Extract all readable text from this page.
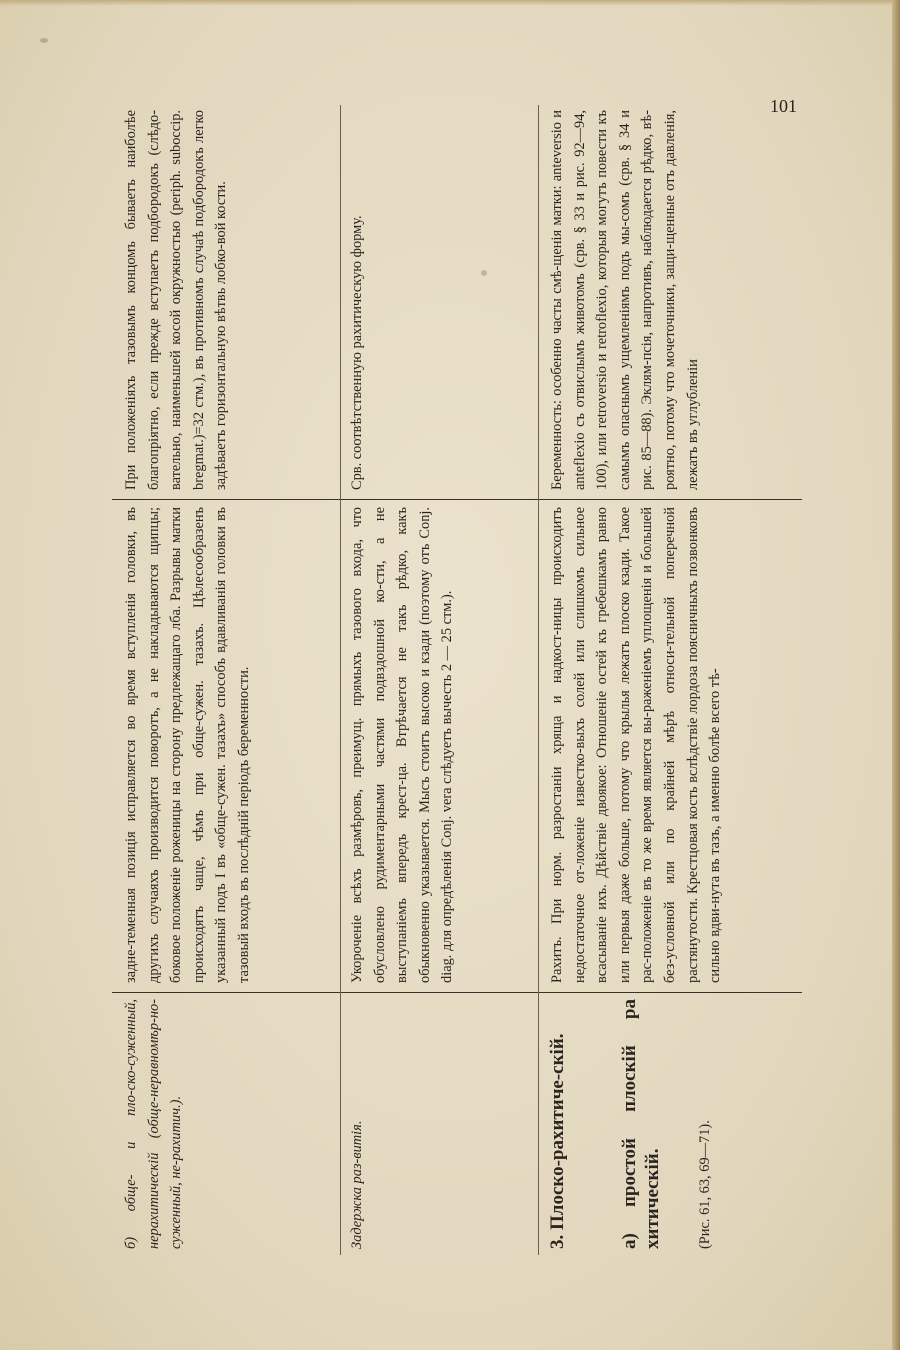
101
б) обще- и пло-ско-суженный, нерахитическій (обще-неравномѣр-но-суженный, не-рахитич.).
задне-теменная позиція исправляется во время вступленія головки, въ другихъ случаяхъ производится поворотъ, а не накладываются щипцы; боковое положеніе роженицы на сторону предлежащаго лба. Разрывы матки происходятъ чаще, чѣмъ при обще-сужен. тазахъ. Цѣлесообразенъ указанный подъ I въ «обще-сужен. тазахъ» способъ вдавливанія головки въ тазовый входъ въ послѣдній періодъ беременности.
При положеніяхъ тазовымъ концомъ бываетъ наиболѣе благопріятно, если прежде вступаетъ подбородокъ (слѣдо-вательно, наименьшей косой окружностью (periph. subocсip. bregmat.)=32 стм.), въ противномъ случаѣ подбородокъ легко задѣваетъ горизонтальную вѣтвь лобко-вой кости.
Задержка раз-витія.
Укороченіе всѣхъ размѣровъ, преимущ. прямыхъ тазового входа, что обусловлено рудиментарными частями подвздошной ко-сти, а не выступаніемъ впередъ крест-ца. Втрѣчается не такъ рѣдко, какъ обыкновенно указывается. Мысъ стоитъ высоко и кзади (поэтому отъ Conj. diag. для опредѣленія Conj. vera слѣдуетъ вычесть 2 — 25 стм.).
Срв. соотвѣтственную рахитическую форму.
3. Плоско-рахитиче-скій.	а) простой плоскій ра хитическій.	(Рис. 61, 63, 69—71).
Рахитъ. При норм. разростаніи хряща и надкост-ницы происходитъ недостаточное от-ложеніе известко-выхъ солей или слишкомъ сильное всасываніе ихъ. Дѣйствіе двоякое: Отношеніе остей къ гребешкамъ равно или первыя даже больше, потому что крылья лежатъ плоско кзади. Такое рас-положеніе въ то же время является вы-раженіемъ уплощенія и большей без-условной или по крайней мѣрѣ относи-тельной поперечной растянутости. Крестцовая кость вслѣдствіе лордоза поясничныхъ позвонковъ сильно вдви-нута въ тазъ, а именно болѣе всего тѣ-
Беременность: особенно часты смѣ-щенія матки: anteversio и anteflexio съ отвислымъ животомъ (срв. § 33 и рис. 92—94, 100), или retroversio и retroflexio, которыя могутъ повести къ самымъ опаснымъ ущемленіямъ подъ мы-сомъ (срв. § 34 и рис. 85—88). Эклям-псія, напротивъ, наблюдается рѣдко, вѣ-роятно, потому что мочеточники, защи-щенные отъ давленія, лежатъ въ углубленіи
